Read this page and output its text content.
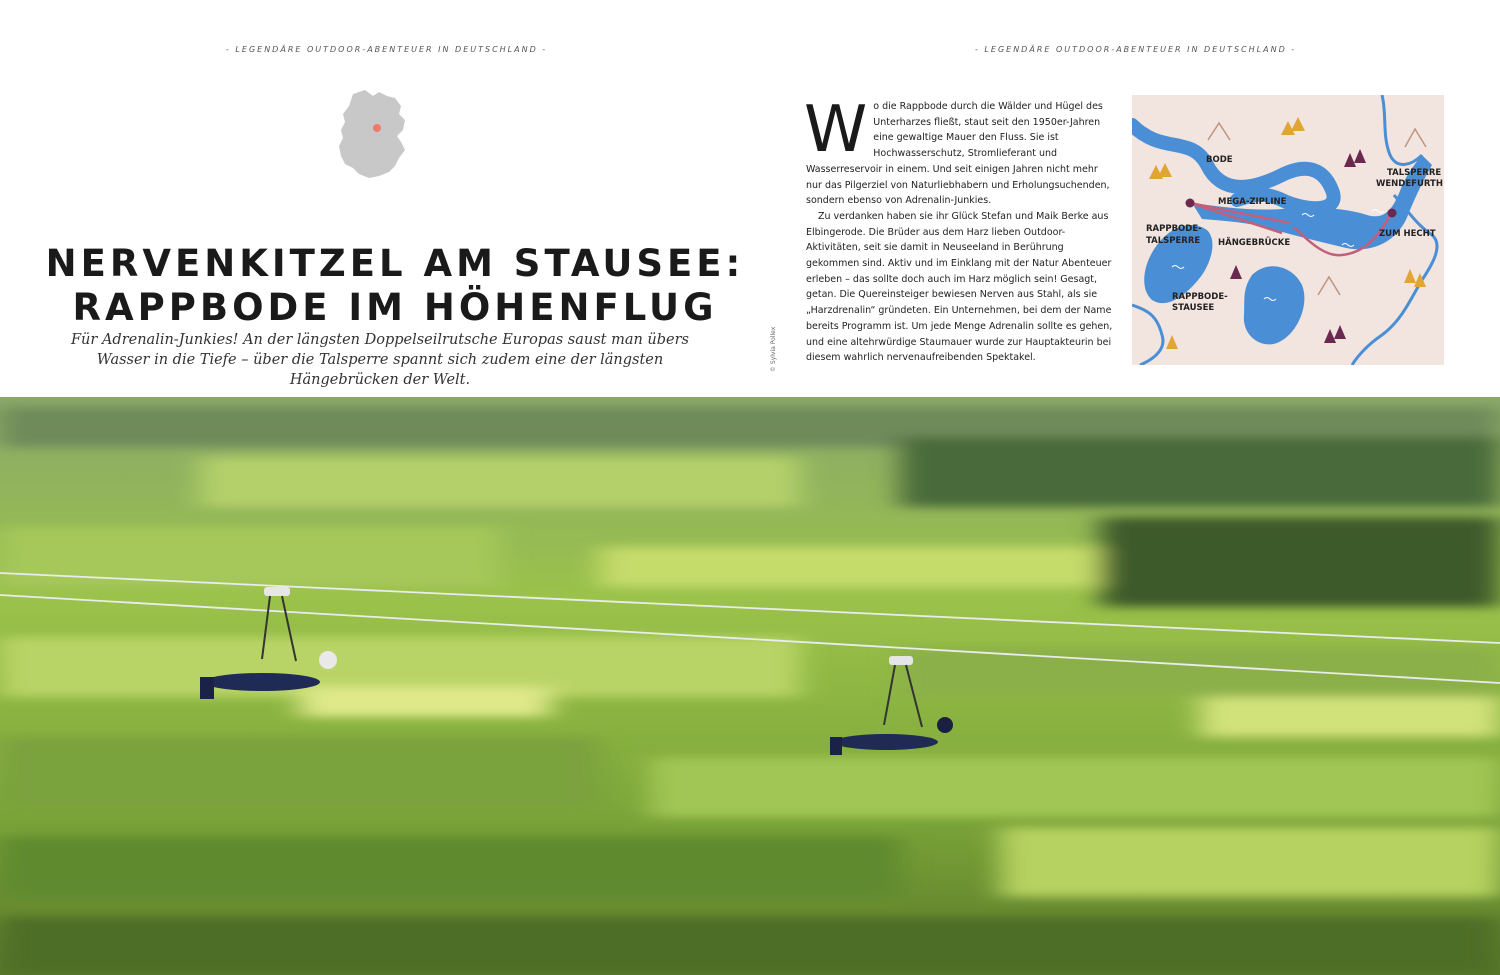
- LEGENDÄRE OUTDOOR-ABENTEUER IN DEUTSCHLAND -	- LEGENDÄRE OUTDOOR-ABENTEUER IN DEUTSCHLAND -
NERVENKITZEL AM STAUSEE:
RAPPBODE IM HÖHENFLUG
Für Adrenalin-Junkies! An der längsten Doppelseilrutsche Europas saust man übers Wasser in die Tiefe – über die Talsperre spannt sich zudem eine der längsten Hängebrücken der Welt.
© Sylvia Pollex
W o die Rappbode durch die Wälder und Hügel des Unterharzes fließt, staut seit den 1950er-Jahren eine gewaltige Mauer den Fluss. Sie ist Hochwasserschutz, Stromlieferant und Wasserreservoir in einem. Und seit einigen Jahren nicht mehr nur das Pilgerziel von Naturliebhabern und Erholungsuchenden, sondern ebenso von Adrenalin-Junkies.

Zu verdanken haben sie ihr Glück Stefan und Maik Berke aus Elbingerode. Die Brüder aus dem Harz lieben Outdoor-Aktivitäten, seit sie damit in Neuseeland in Berührung gekommen sind. Aktiv und im Einklang mit der Natur Abenteuer erleben – das sollte doch auch im Harz möglich sein! Gesagt, getan. Die Quereinsteiger bewiesen Nerven aus Stahl, als sie „Harzdrenalin“ gründeten. Ein Unternehmen, bei dem der Name bereits Programm ist. Um jede Menge Adrenalin sollte es gehen, und eine altehrwürdige Staumauer wurde zur Hauptakteurin bei diesem wahrlich nervenaufreibenden Spektakel.

BODE
TALSPERRE
WENDEFURTH
MEGA-ZIPLINE
RAPPBODE-
TALSPERRE HÄNGEBRÜCKE
ZUM HECHT
RAPPBODE-
STAUSEE
